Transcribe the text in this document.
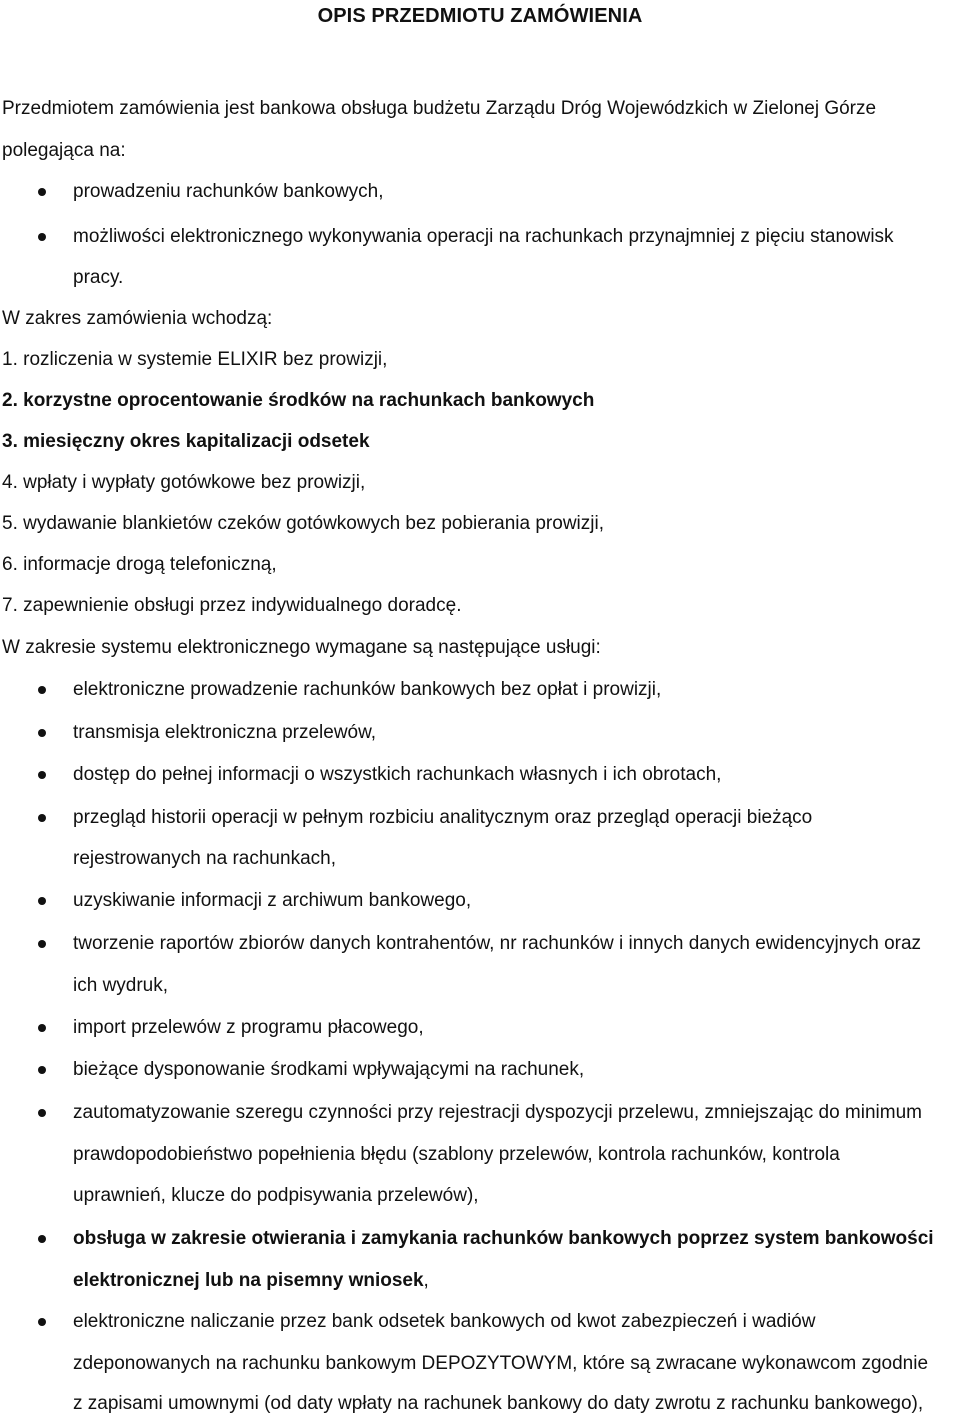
OPIS PRZEDMIOTU ZAMÓWIENIA
Przedmiotem zamówienia jest bankowa obsługa budżetu Zarządu Dróg Wojewódzkich w Zielonej Górze
polegająca na:
prowadzeniu rachunków bankowych,
możliwości elektronicznego wykonywania operacji na rachunkach przynajmniej z pięciu stanowisk
pracy.
W zakres zamówienia wchodzą:
1. rozliczenia w systemie ELIXIR bez prowizji,
2. korzystne oprocentowanie środków na rachunkach bankowych
3. miesięczny okres kapitalizacji odsetek
4. wpłaty i wypłaty gotówkowe bez prowizji,
5. wydawanie blankietów czeków gotówkowych bez pobierania prowizji,
6. informacje drogą telefoniczną,
7. zapewnienie obsługi przez indywidualnego doradcę.
W zakresie systemu elektronicznego wymagane są następujące usługi:
elektroniczne prowadzenie rachunków bankowych bez opłat i prowizji,
transmisja elektroniczna przelewów,
dostęp do pełnej informacji o wszystkich rachunkach własnych i ich obrotach,
przegląd historii operacji w pełnym rozbiciu analitycznym oraz przegląd operacji bieżąco
rejestrowanych na rachunkach,
uzyskiwanie informacji z archiwum bankowego,
tworzenie raportów zbiorów danych kontrahentów, nr rachunków i innych danych ewidencyjnych oraz
ich wydruk,
import przelewów z programu płacowego,
bieżące dysponowanie środkami wpływającymi na rachunek,
zautomatyzowanie szeregu czynności przy rejestracji dyspozycji przelewu, zmniejszając do minimum
prawdopodobieństwo popełnienia błędu (szablony przelewów, kontrola rachunków, kontrola
uprawnień, klucze do podpisywania przelewów),
obsługa w zakresie otwierania i zamykania rachunków bankowych poprzez system bankowości
elektronicznej lub na pisemny wniosek,
elektroniczne naliczanie przez bank odsetek bankowych od kwot zabezpieczeń i wadiów
zdeponowanych na rachunku bankowym DEPOZYTOWYM, które są zwracane wykonawcom zgodnie
z zapisami umownymi (od daty wpłaty na rachunek bankowy do daty zwrotu z rachunku bankowego),
